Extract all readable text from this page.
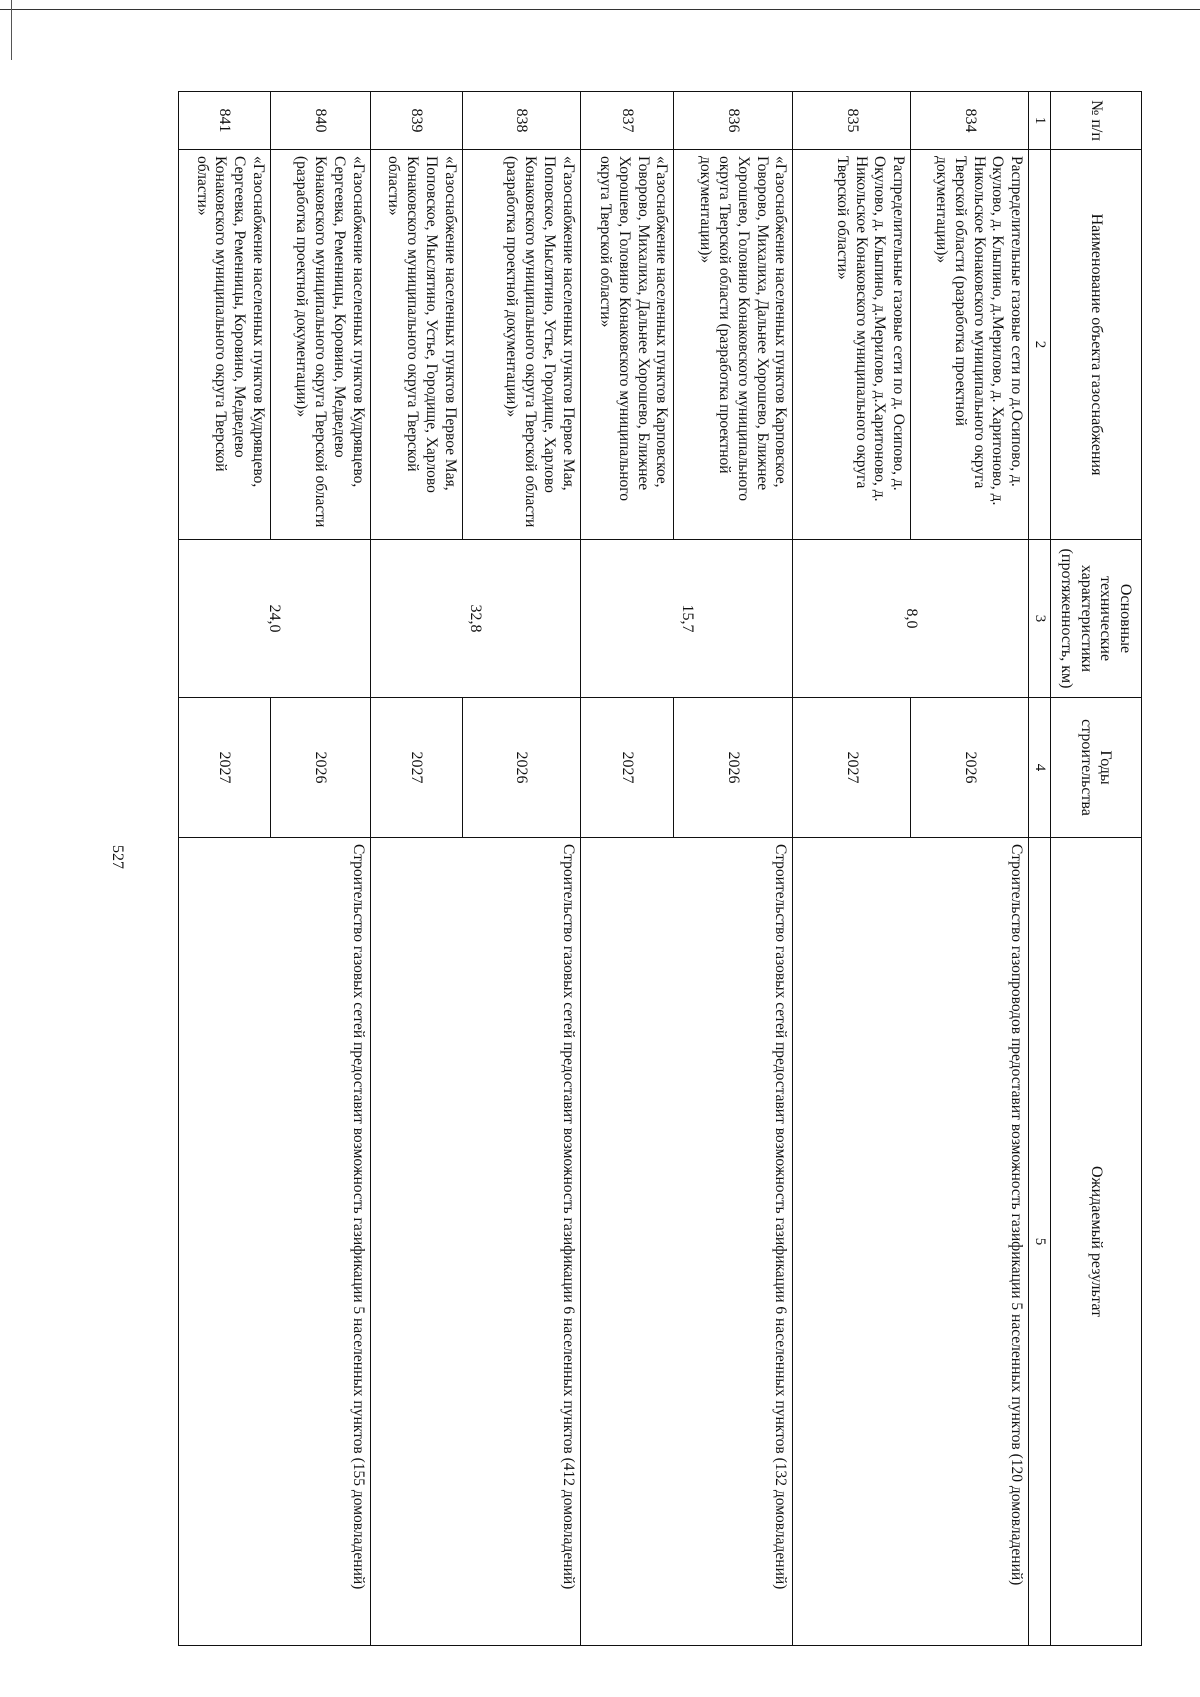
527
№ п/п	Наименование объекта газоснабжения	Основные технические характеристики (протяженность, км)	Годы строительства	Ожидаемый результат
1	2	3	4	5
834	Распределительные газовые сети по д.Осипово, д. Окулово, д. Клыпино, д.Мерилово, д. Харитоново, д. Никольское Конаковского муниципального округа Тверской области (разработка проектной документации)»	8,0	2026	Строительство газопроводов предоставит возможность газификации 5 населенных пунктов (120 домовладений)
835	Распределительные газовые сети по д. Осипово, д. Окулово, д. Клыпино, д.Мерилово, д.Харитоново, д. Никольское Конаковского муниципального округа Тверской области»		2027	
836	«Газоснабжение населенных пунктов Карповское, Говорово, Михалиха, Дальнее Хорошево, Ближнее Хорошево, Головино Конаковского муниципального округа Тверской области (разработка проектной документации)»	15,7	2026	Строительство газовых сетей предоставит возможность газификации 6 населенных пунктов (132 домовладений)
837	«Газоснабжение населенных пунктов Карповское, Говорово, Михалиха, Дальнее Хорошево, Ближнее Хорошево, Головино Конаковского муниципального округа Тверской области»		2027	
838	«Газоснабжение населенных пунктов Первое Мая, Поповское, Мыслятино, Устье, Городище, Харлово Конаковского муниципального округа Тверской области (разработка проектной документации)»	32,8	2026	Строительство газовых сетей предоставит возможность газификации 6 населенных пунктов (412 домовладений)
839	«Газоснабжение населенных пунктов Первое Мая, Поповское, Мыслятино, Устье, Городище, Харлово Конаковского муниципального округа Тверской области»		2027	
840	«Газоснабжение населенных пунктов Кудрявцево, Сергеевка, Ременницы, Коровино, Медведево Конаковского муниципального округа Тверской области (разработка проектной документации)»	24,0	2026	Строительство газовых сетей предоставит возможность газификации 5 населенных пунктов (155 домовладений)
841	«Газоснабжение населенных пунктов Кудрявцево, Сергеевка, Ременницы, Коровино, Медведево Конаковского муниципального округа Тверской области»		2027	
